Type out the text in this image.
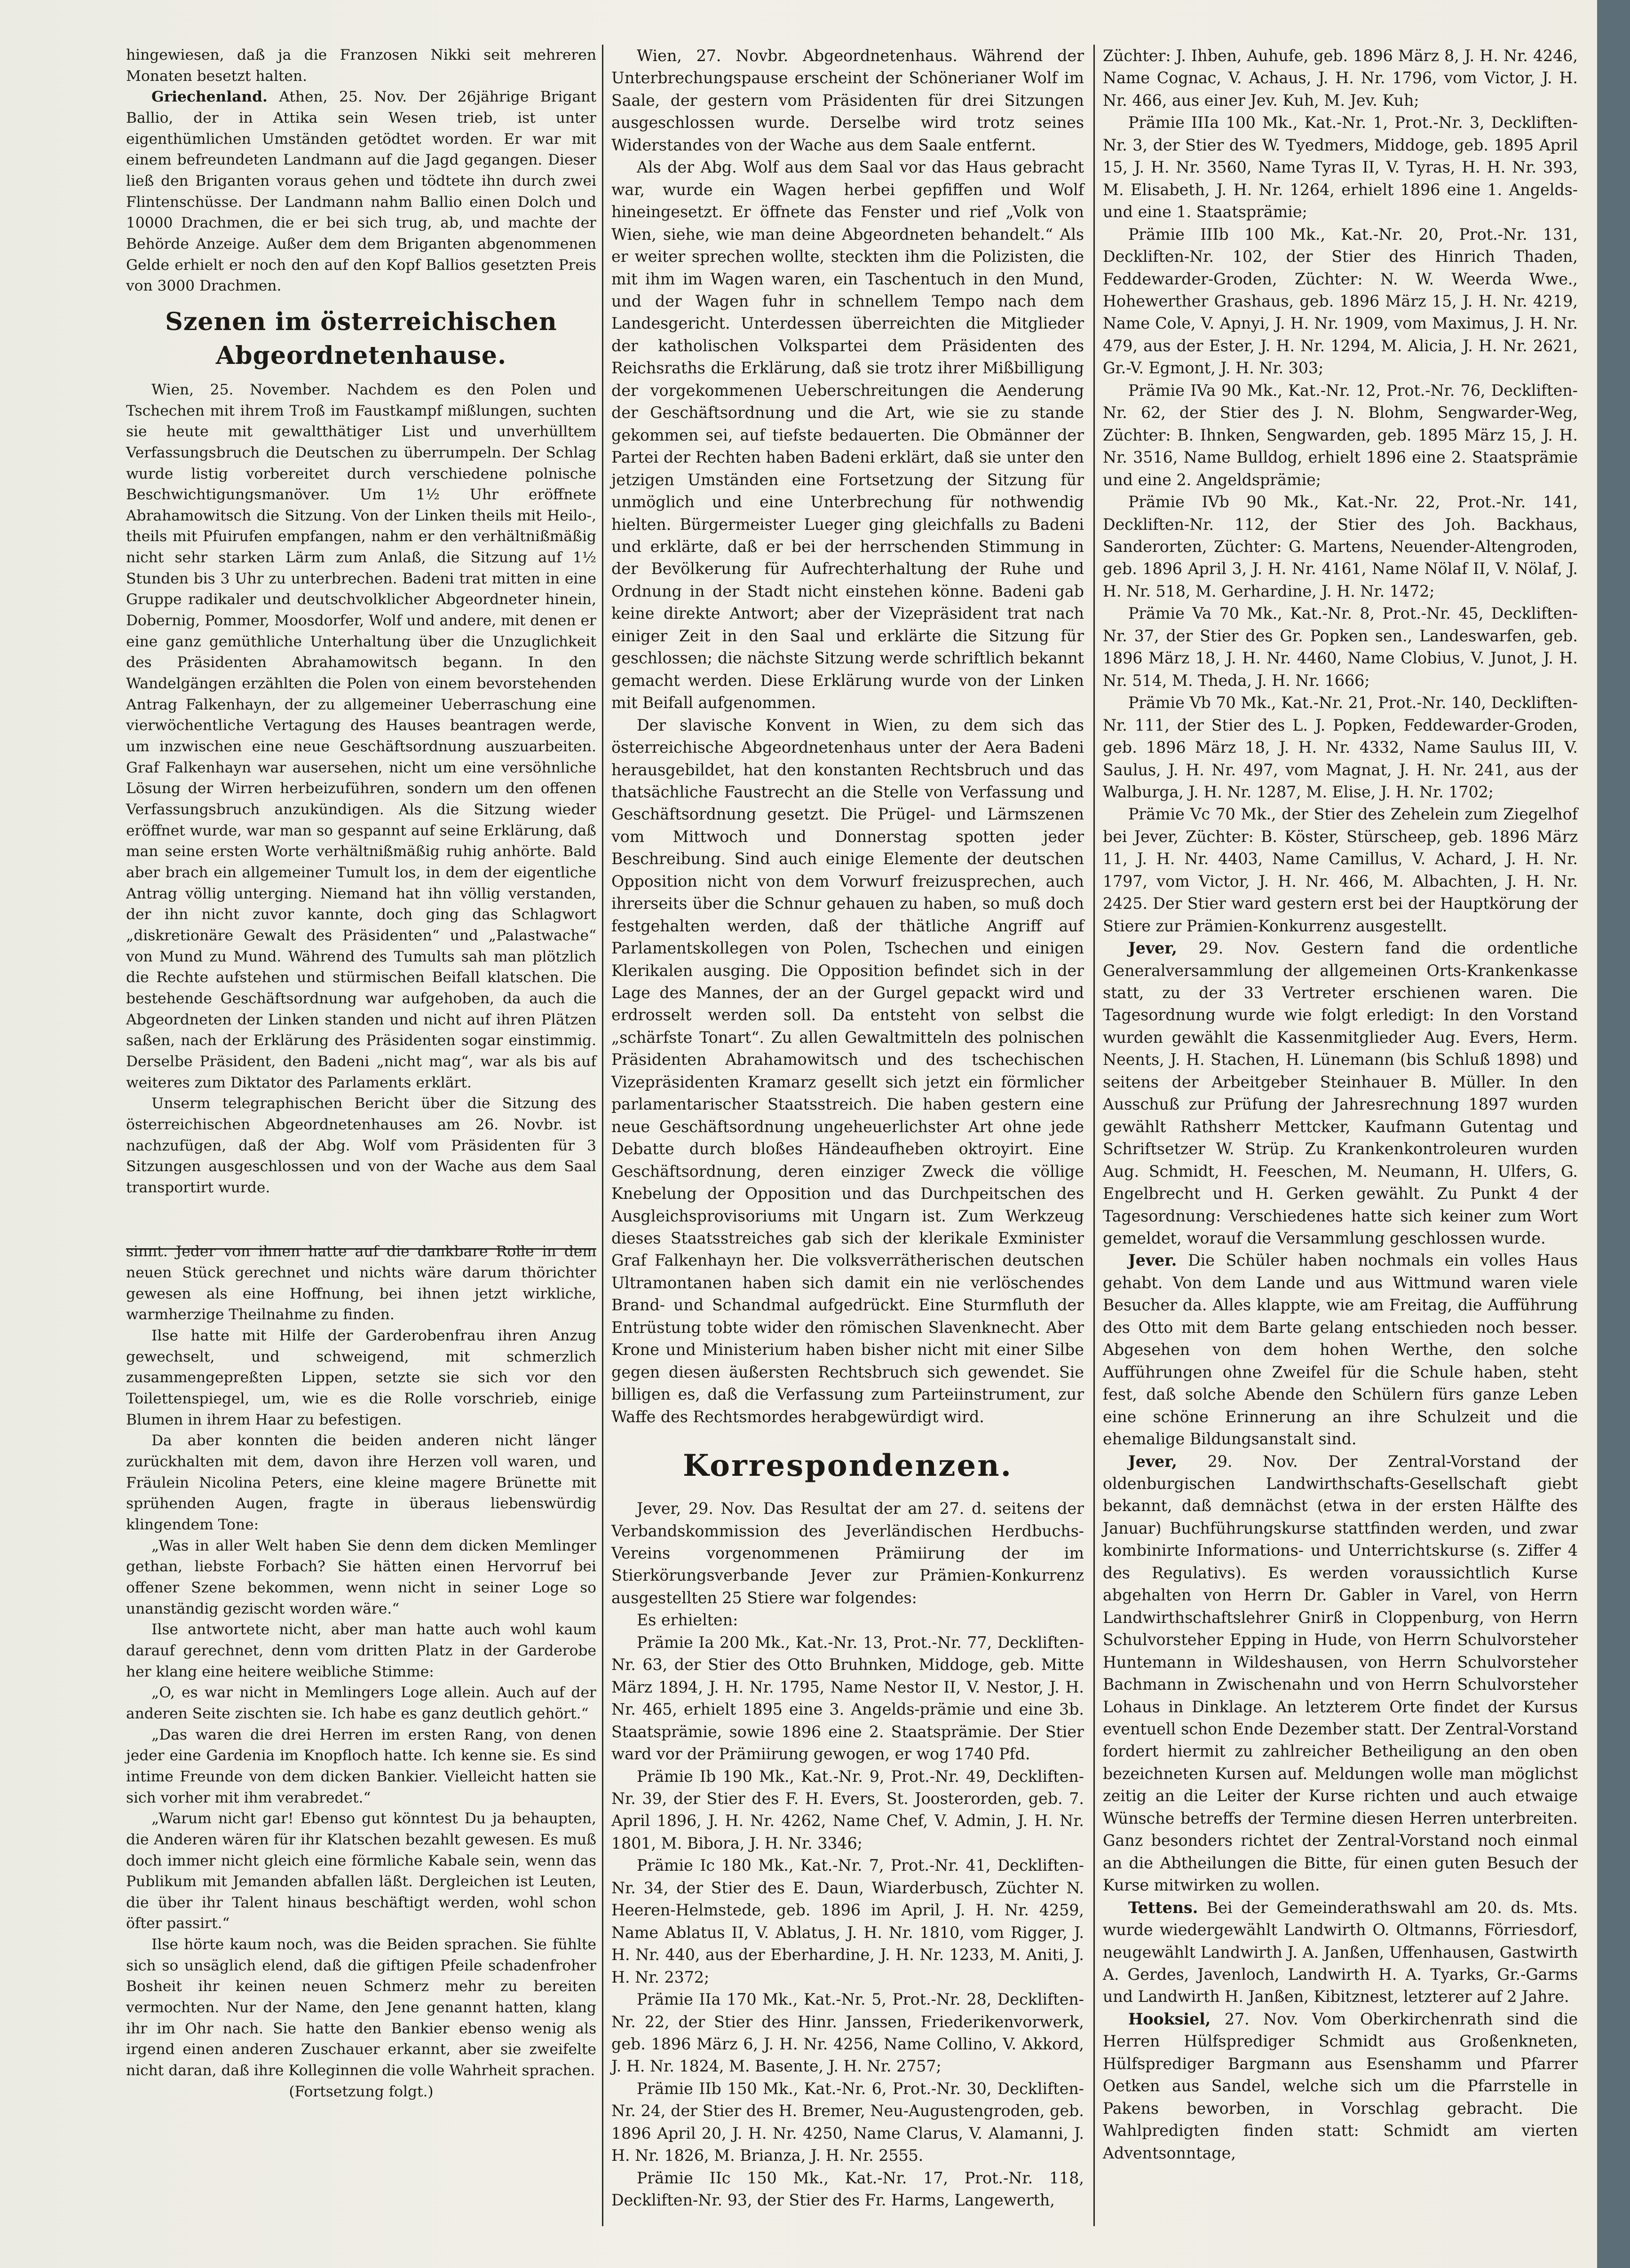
hingewiesen, daß ja die Franzosen Nikki seit mehreren Monaten besetzt halten.

Griechenland. Athen, 25. Nov. Der 26jährige Brigant Ballio, der in Attika sein Wesen trieb, ist unter eigenthümlichen Umständen getödtet worden. Er war mit einem befreundeten Landmann auf die Jagd gegangen. Dieser ließ den Briganten voraus gehen und tödtete ihn durch zwei Flintenschüsse. Der Landmann nahm Ballio einen Dolch und 10000 Drachmen, die er bei sich trug, ab, und machte der Behörde Anzeige. Außer dem dem Briganten abgenommenen Gelde erhielt er noch den auf den Kopf Ballios gesetzten Preis von 3000 Drachmen.

Szenen im österreichischen Abgeordnetenhause.

Wien, 25. November. Nachdem es den Polen und Tschechen mit ihrem Troß im Faustkampf mißlungen, suchten sie heute mit gewaltthätiger List und unverhülltem Verfassungsbruch die Deutschen zu überrumpeln. Der Schlag wurde listig vorbereitet durch verschiedene polnische Beschwichtigungsmanöver. Um 1½ Uhr eröffnete Abrahamowitsch die Sitzung. Von der Linken theils mit Heilo-, theils mit Pfuirufen empfangen, nahm er den verhältnißmäßig nicht sehr starken Lärm zum Anlaß, die Sitzung auf 1½ Stunden bis 3 Uhr zu unterbrechen. Badeni trat mitten in eine Gruppe radikaler und deutschvolklicher Abgeordneter hinein, Dobernig, Pommer, Moosdorfer, Wolf und andere, mit denen er eine ganz gemüthliche Unterhaltung über die Unzuglichkeit des Präsidenten Abrahamowitsch begann. In den Wandelgängen erzählten die Polen von einem bevorstehenden Antrag Falkenhayn, der zu allgemeiner Ueberraschung eine vierwöchentliche Vertagung des Hauses beantragen werde, um inzwischen eine neue Geschäftsordnung auszuarbeiten. Graf Falkenhayn war ausersehen, nicht um eine versöhnliche Lösung der Wirren herbeizuführen, sondern um den offenen Verfassungsbruch anzukündigen. Als die Sitzung wieder eröffnet wurde, war man so gespannt auf seine Erklärung, daß man seine ersten Worte verhältnißmäßig ruhig anhörte. Bald aber brach ein allgemeiner Tumult los, in dem der eigentliche Antrag völlig unterging. Niemand hat ihn völlig verstanden, der ihn nicht zuvor kannte, doch ging das Schlagwort „diskretionäre Gewalt des Präsidenten“ und „Palastwache“ von Mund zu Mund. Während des Tumults sah man plötzlich die Rechte aufstehen und stürmischen Beifall klatschen. Die bestehende Geschäftsordnung war aufgehoben, da auch die Abgeordneten der Linken standen und nicht auf ihren Plätzen saßen, nach der Erklärung des Präsidenten sogar einstimmig. Derselbe Präsident, den Badeni „nicht mag“, war als bis auf weiteres zum Diktator des Parlaments erklärt.

Unserm telegraphischen Bericht über die Sitzung des österreichischen Abgeordnetenhauses am 26. Novbr. ist nachzufügen, daß der Abg. Wolf vom Präsidenten für 3 Sitzungen ausgeschlossen und von der Wache aus dem Saal transportirt wurde.

sinnt. Jeder von ihnen hatte auf die dankbare Rolle in dem neuen Stück gerechnet und nichts wäre darum thörichter gewesen als eine Hoffnung, bei ihnen jetzt wirkliche, warmherzige Theilnahme zu finden.

Ilse hatte mit Hilfe der Garderobenfrau ihren Anzug gewechselt, und schweigend, mit schmerzlich zusammengepreßten Lippen, setzte sie sich vor den Toilettenspiegel, um, wie es die Rolle vorschrieb, einige Blumen in ihrem Haar zu befestigen.

Da aber konnten die beiden anderen nicht länger zurückhalten mit dem, davon ihre Herzen voll waren, und Fräulein Nicolina Peters, eine kleine magere Brünette mit sprühenden Augen, fragte in überaus liebenswürdig klingendem Tone:

„Was in aller Welt haben Sie denn dem dicken Memlinger gethan, liebste Forbach? Sie hätten einen Hervorruf bei offener Szene bekommen, wenn nicht in seiner Loge so unanständig gezischt worden wäre.“

Ilse antwortete nicht, aber man hatte auch wohl kaum darauf gerechnet, denn vom dritten Platz in der Garderobe her klang eine heitere weibliche Stimme:

„O, es war nicht in Memlingers Loge allein. Auch auf der anderen Seite zischten sie. Ich habe es ganz deutlich gehört.“

„Das waren die drei Herren im ersten Rang, von denen jeder eine Gardenia im Knopfloch hatte. Ich kenne sie. Es sind intime Freunde von dem dicken Bankier. Vielleicht hatten sie sich vorher mit ihm verabredet.“

„Warum nicht gar! Ebenso gut könntest Du ja behaupten, die Anderen wären für ihr Klatschen bezahlt gewesen. Es muß doch immer nicht gleich eine förmliche Kabale sein, wenn das Publikum mit Jemanden abfallen läßt. Dergleichen ist Leuten, die über ihr Talent hinaus beschäftigt werden, wohl schon öfter passirt.“

Ilse hörte kaum noch, was die Beiden sprachen. Sie fühlte sich so unsäglich elend, daß die giftigen Pfeile schadenfroher Bosheit ihr keinen neuen Schmerz mehr zu bereiten vermochten. Nur der Name, den Jene genannt hatten, klang ihr im Ohr nach. Sie hatte den Bankier ebenso wenig als irgend einen anderen Zuschauer erkannt, aber sie zweifelte nicht daran, daß ihre Kolleginnen die volle Wahrheit sprachen.

(Fortsetzung folgt.)

Wien, 27. Novbr. Abgeordnetenhaus. Während der Unterbrechungspause erscheint der Schönerianer Wolf im Saale, der gestern vom Präsidenten für drei Sitzungen ausgeschlossen wurde. Derselbe wird trotz seines Widerstandes von der Wache aus dem Saale entfernt.

Als der Abg. Wolf aus dem Saal vor das Haus gebracht war, wurde ein Wagen herbei gepfiffen und Wolf hineingesetzt. Er öffnete das Fenster und rief „Volk von Wien, siehe, wie man deine Abgeordneten behandelt.“ Als er weiter sprechen wollte, steckten ihm die Polizisten, die mit ihm im Wagen waren, ein Taschentuch in den Mund, und der Wagen fuhr in schnellem Tempo nach dem Landesgericht. Unterdessen überreichten die Mitglieder der katholischen Volkspartei dem Präsidenten des Reichsraths die Erklärung, daß sie trotz ihrer Mißbilligung der vorgekommenen Ueberschreitungen die Aenderung der Geschäftsordnung und die Art, wie sie zu stande gekommen sei, auf tiefste bedauerten. Die Obmänner der Partei der Rechten haben Badeni erklärt, daß sie unter den jetzigen Umständen eine Fortsetzung der Sitzung für unmöglich und eine Unterbrechung für nothwendig hielten. Bürgermeister Lueger ging gleichfalls zu Badeni und erklärte, daß er bei der herrschenden Stimmung in der Bevölkerung für Aufrechterhaltung der Ruhe und Ordnung in der Stadt nicht einstehen könne. Badeni gab keine direkte Antwort; aber der Vizepräsident trat nach einiger Zeit in den Saal und erklärte die Sitzung für geschlossen; die nächste Sitzung werde schriftlich bekannt gemacht werden. Diese Erklärung wurde von der Linken mit Beifall aufgenommen.

Der slavische Konvent in Wien, zu dem sich das österreichische Abgeordnetenhaus unter der Aera Badeni herausgebildet, hat den konstanten Rechtsbruch und das thatsächliche Faustrecht an die Stelle von Verfassung und Geschäftsordnung gesetzt. Die Prügel- und Lärmszenen vom Mittwoch und Donnerstag spotten jeder Beschreibung. Sind auch einige Elemente der deutschen Opposition nicht von dem Vorwurf freizusprechen, auch ihrerseits über die Schnur gehauen zu haben, so muß doch festgehalten werden, daß der thätliche Angriff auf Parlamentskollegen von Polen, Tschechen und einigen Klerikalen ausging. Die Opposition befindet sich in der Lage des Mannes, der an der Gurgel gepackt wird und erdrosselt werden soll. Da entsteht von selbst die „schärfste Tonart“. Zu allen Gewaltmitteln des polnischen Präsidenten Abrahamowitsch und des tschechischen Vizepräsidenten Kramarz gesellt sich jetzt ein förmlicher parlamentarischer Staatsstreich. Die haben gestern eine neue Geschäftsordnung ungeheuerlichster Art ohne jede Debatte durch bloßes Händeaufheben oktroyirt. Eine Geschäftsordnung, deren einziger Zweck die völlige Knebelung der Opposition und das Durchpeitschen des Ausgleichsprovisoriums mit Ungarn ist. Zum Werkzeug dieses Staatsstreiches gab sich der klerikale Exminister Graf Falkenhayn her. Die volksverrätherischen deutschen Ultramontanen haben sich damit ein nie verlöschendes Brand- und Schandmal aufgedrückt. Eine Sturmfluth der Entrüstung tobte wider den römischen Slavenknecht. Aber Krone und Ministerium haben bisher nicht mit einer Silbe gegen diesen äußersten Rechtsbruch sich gewendet. Sie billigen es, daß die Verfassung zum Parteiinstrument, zur Waffe des Rechtsmordes herabgewürdigt wird.

Korrespondenzen.

Jever, 29. Nov. Das Resultat der am 27. d. seitens der Verbandskommission des Jeverländischen Herdbuchs-Vereins vorgenommenen Prämiirung der im Stierkörungsverbande Jever zur Prämien-Konkurrenz ausgestellten 25 Stiere war folgendes:

Es erhielten:

Prämie Ia 200 Mk., Kat.-Nr. 13, Prot.-Nr. 77, Deckliften-Nr. 63, der Stier des Otto Bruhnken, Middoge, geb. Mitte März 1894, J. H. Nr. 1795, Name Nestor II, V. Nestor, J. H. Nr. 465, erhielt 1895 eine 3. Angelds-prämie und eine 3b. Staatsprämie, sowie 1896 eine 2. Staatsprämie. Der Stier ward vor der Prämiirung gewogen, er wog 1740 Pfd.

Prämie Ib 190 Mk., Kat.-Nr. 9, Prot.-Nr. 49, Deckliften-Nr. 39, der Stier des F. H. Evers, St. Joosterorden, geb. 7. April 1896, J. H. Nr. 4262, Name Chef, V. Admin, J. H. Nr. 1801, M. Bibora, J. H. Nr. 3346;

Prämie Ic 180 Mk., Kat.-Nr. 7, Prot.-Nr. 41, Deckliften-Nr. 34, der Stier des E. Daun, Wiarderbusch, Züchter N. Heeren-Helmstede, geb. 1896 im April, J. H. Nr. 4259, Name Ablatus II, V. Ablatus, J. H. Nr. 1810, vom Rigger, J. H. Nr. 440, aus der Eberhardine, J. H. Nr. 1233, M. Aniti, J. H. Nr. 2372;

Prämie IIa 170 Mk., Kat.-Nr. 5, Prot.-Nr. 28, Deckliften-Nr. 22, der Stier des Hinr. Janssen, Friederikenvorwerk, geb. 1896 März 6, J. H. Nr. 4256, Name Collino, V. Akkord, J. H. Nr. 1824, M. Basente, J. H. Nr. 2757;

Prämie IIb 150 Mk., Kat.-Nr. 6, Prot.-Nr. 30, Deckliften-Nr. 24, der Stier des H. Bremer, Neu-Augustengroden, geb. 1896 April 20, J. H. Nr. 4250, Name Clarus, V. Alamanni, J. H. Nr. 1826, M. Brianza, J. H. Nr. 2555.

Prämie IIc 150 Mk., Kat.-Nr. 17, Prot.-Nr. 118, Deckliften-Nr. 93, der Stier des Fr. Harms, Langewerth,

Züchter: J. Ihben, Auhufe, geb. 1896 März 8, J. H. Nr. 4246, Name Cognac, V. Achaus, J. H. Nr. 1796, vom Victor, J. H. Nr. 466, aus einer Jev. Kuh, M. Jev. Kuh;

Prämie IIIa 100 Mk., Kat.-Nr. 1, Prot.-Nr. 3, Deckliften-Nr. 3, der Stier des W. Tyedmers, Middoge, geb. 1895 April 15, J. H. Nr. 3560, Name Tyras II, V. Tyras, H. H. Nr. 393, M. Elisabeth, J. H. Nr. 1264, erhielt 1896 eine 1. Angelds- und eine 1. Staatsprämie;

Prämie IIIb 100 Mk., Kat.-Nr. 20, Prot.-Nr. 131, Deckliften-Nr. 102, der Stier des Hinrich Thaden, Feddewarder-Groden, Züchter: N. W. Weerda Wwe., Hohewerther Grashaus, geb. 1896 März 15, J. H. Nr. 4219, Name Cole, V. Apnyi, J. H. Nr. 1909, vom Maximus, J. H. Nr. 479, aus der Ester, J. H. Nr. 1294, M. Alicia, J. H. Nr. 2621, Gr.-V. Egmont, J. H. Nr. 303;

Prämie IVa 90 Mk., Kat.-Nr. 12, Prot.-Nr. 76, Deckliften-Nr. 62, der Stier des J. N. Blohm, Sengwarder-Weg, Züchter: B. Ihnken, Sengwarden, geb. 1895 März 15, J. H. Nr. 3516, Name Bulldog, erhielt 1896 eine 2. Staatsprämie und eine 2. Angeldsprämie;

Prämie IVb 90 Mk., Kat.-Nr. 22, Prot.-Nr. 141, Deckliften-Nr. 112, der Stier des Joh. Backhaus, Sanderorten, Züchter: G. Martens, Neuender-Altengroden, geb. 1896 April 3, J. H. Nr. 4161, Name Nölaf II, V. Nölaf, J. H. Nr. 518, M. Gerhardine, J. H. Nr. 1472;

Prämie Va 70 Mk., Kat.-Nr. 8, Prot.-Nr. 45, Deckliften-Nr. 37, der Stier des Gr. Popken sen., Landeswarfen, geb. 1896 März 18, J. H. Nr. 4460, Name Clobius, V. Junot, J. H. Nr. 514, M. Theda, J. H. Nr. 1666;

Prämie Vb 70 Mk., Kat.-Nr. 21, Prot.-Nr. 140, Deckliften-Nr. 111, der Stier des L. J. Popken, Feddewarder-Groden, geb. 1896 März 18, J. H. Nr. 4332, Name Saulus III, V. Saulus, J. H. Nr. 497, vom Magnat, J. H. Nr. 241, aus der Walburga, J. H. Nr. 1287, M. Elise, J. H. Nr. 1702;

Prämie Vc 70 Mk., der Stier des Zehelein zum Ziegelhof bei Jever, Züchter: B. Köster, Stürscheep, geb. 1896 März 11, J. H. Nr. 4403, Name Camillus, V. Achard, J. H. Nr. 1797, vom Victor, J. H. Nr. 466, M. Albachten, J. H. Nr. 2425. Der Stier ward gestern erst bei der Hauptkörung der Stiere zur Prämien-Konkurrenz ausgestellt.

Jever, 29. Nov. Gestern fand die ordentliche Generalversammlung der allgemeinen Orts-Krankenkasse statt, zu der 33 Vertreter erschienen waren. Die Tagesordnung wurde wie folgt erledigt: In den Vorstand wurden gewählt die Kassenmitglieder Aug. Evers, Herm. Neents, J. H. Stachen, H. Lünemann (bis Schluß 1898) und seitens der Arbeitgeber Steinhauer B. Müller. In den Ausschuß zur Prüfung der Jahresrechnung 1897 wurden gewählt Rathsherr Mettcker, Kaufmann Gutentag und Schriftsetzer W. Strüp. Zu Krankenkontroleuren wurden Aug. Schmidt, H. Feeschen, M. Neumann, H. Ulfers, G. Engelbrecht und H. Gerken gewählt. Zu Punkt 4 der Tagesordnung: Verschiedenes hatte sich keiner zum Wort gemeldet, worauf die Versammlung geschlossen wurde.

Jever. Die Schüler haben nochmals ein volles Haus gehabt. Von dem Lande und aus Wittmund waren viele Besucher da. Alles klappte, wie am Freitag, die Aufführung des Otto mit dem Barte gelang entschieden noch besser. Abgesehen von dem hohen Werthe, den solche Aufführungen ohne Zweifel für die Schule haben, steht fest, daß solche Abende den Schülern fürs ganze Leben eine schöne Erinnerung an ihre Schulzeit und die ehemalige Bildungsanstalt sind.

Jever, 29. Nov. Der Zentral-Vorstand der oldenburgischen Landwirthschafts-Gesellschaft giebt bekannt, daß demnächst (etwa in der ersten Hälfte des Januar) Buchführungskurse stattfinden werden, und zwar kombinirte Informations- und Unterrichtskurse (s. Ziffer 4 des Regulativs). Es werden voraussichtlich Kurse abgehalten von Herrn Dr. Gabler in Varel, von Herrn Landwirthschaftslehrer Gnirß in Cloppenburg, von Herrn Schulvorsteher Epping in Hude, von Herrn Schulvorsteher Huntemann in Wildeshausen, von Herrn Schulvorsteher Bachmann in Zwischenahn und von Herrn Schulvorsteher Lohaus in Dinklage. An letzterem Orte findet der Kursus eventuell schon Ende Dezember statt. Der Zentral-Vorstand fordert hiermit zu zahlreicher Betheiligung an den oben bezeichneten Kursen auf. Meldungen wolle man möglichst zeitig an die Leiter der Kurse richten und auch etwaige Wünsche betreffs der Termine diesen Herren unterbreiten. Ganz besonders richtet der Zentral-Vorstand noch einmal an die Abtheilungen die Bitte, für einen guten Besuch der Kurse mitwirken zu wollen.

Tettens. Bei der Gemeinderathswahl am 20. ds. Mts. wurde wiedergewählt Landwirth O. Oltmanns, Förriesdorf, neugewählt Landwirth J. A. Janßen, Uffenhausen, Gastwirth A. Gerdes, Javenloch, Landwirth H. A. Tyarks, Gr.-Garms und Landwirth H. Janßen, Kibitznest, letzterer auf 2 Jahre.

Hooksiel, 27. Nov. Vom Oberkirchenrath sind die Herren Hülfsprediger Schmidt aus Großenkneten, Hülfsprediger Bargmann aus Esenshamm und Pfarrer Oetken aus Sandel, welche sich um die Pfarrstelle in Pakens beworben, in Vorschlag gebracht. Die Wahlpredigten finden statt: Schmidt am vierten Adventsonntage,
